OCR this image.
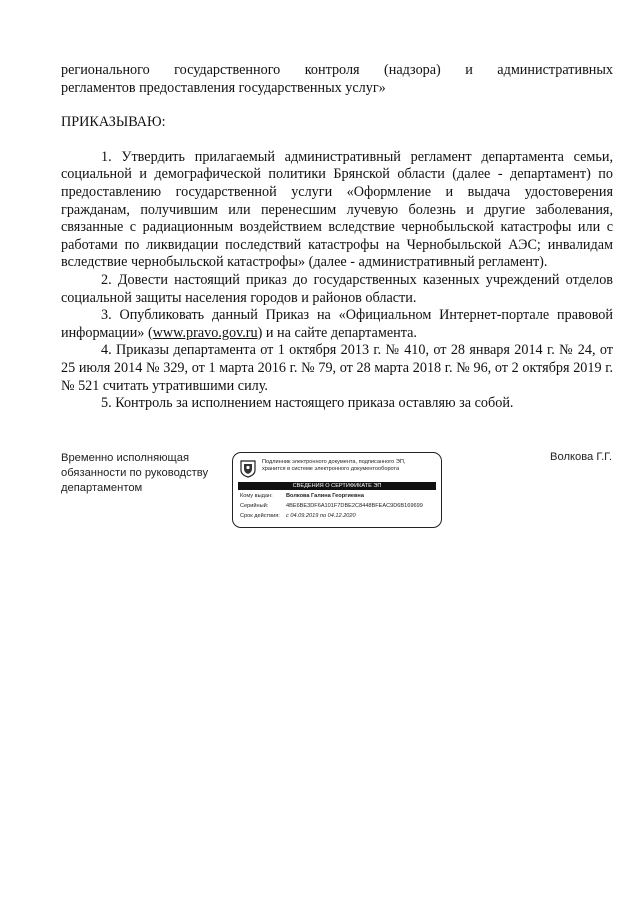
регионального государственного контроля (надзора) и административных

регламентов предоставления государственных услуг»

ПРИКАЗЫВАЮ:

1. Утвердить прилагаемый административный регламент департамента семьи, социальной и демографической политики Брянской области (далее - департамент) по предоставлению государственной услуги «Оформление и выдача удостоверения гражданам, получившим или перенесшим лучевую болезнь и другие заболевания, связанные с радиационным воздействием вследствие чернобыльской катастрофы или с работами по ликвидации последствий катастрофы на Чернобыльской АЭС; инвалидам вследствие чернобыльской катастрофы» (далее - административный регламент).

2. Довести настоящий приказ до государственных казенных учреждений отделов социальной защиты населения городов и районов области.

3. Опубликовать данный Приказ на «Официальном Интернет-портале правовой информации» (www.pravo.gov.ru) и на сайте департамента.

4. Приказы департамента от 1 октября 2013 г. № 410, от 28 января 2014 г. № 24, от 25 июля 2014 № 329, от 1 марта 2016 г. № 79, от 28 марта 2018 г. № 96, от 2 октября 2019 г. № 521 считать утратившими силу.

5. Контроль за исполнением настоящего приказа оставляю за собой.

Временно исполняющая
обязанности по руководству
департаментом
Подлинник электронного документа, подписанного ЭП,
хранится в системе электронного документооборота
СВЕДЕНИЯ О СЕРТИФИКАТЕ ЭП
Кому выдан: Волкова Галина Георгиевна
Серийный:	4BE6BE3DF6A101F7DBE2C8448BFEAC9D6B169699
Срок действия: с 04.09.2019 по 04.12.2020
Волкова Г.Г.
